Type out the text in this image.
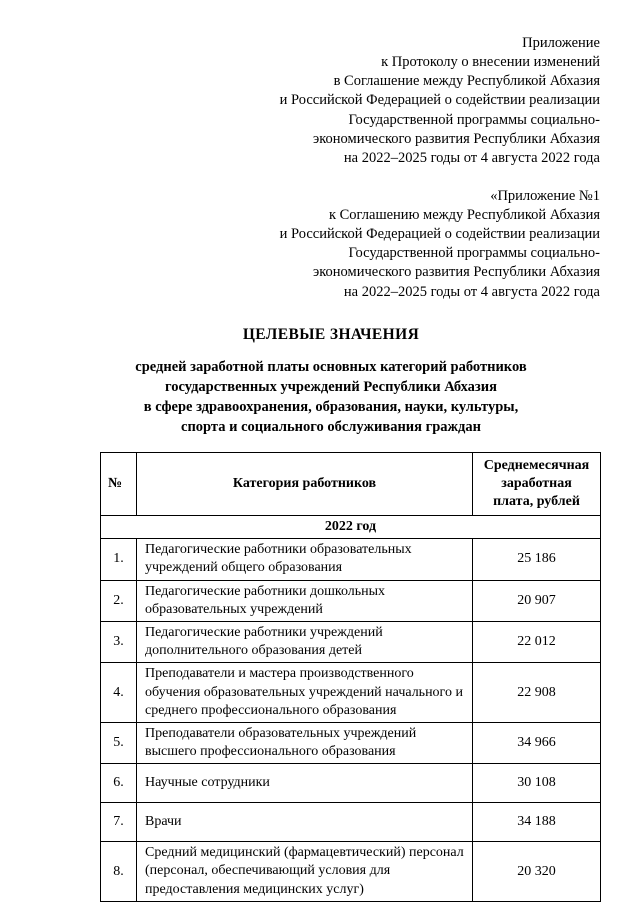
Приложение
к Протоколу о внесении изменений
в Соглашение между Республикой Абхазия
и Российской Федерацией о содействии реализации
Государственной программы социально-
экономического развития Республики Абхазия
на 2022–2025 годы от 4 августа 2022 года
«Приложение №1
к Соглашению между Республикой Абхазия
и Российской Федерацией о содействии реализации
Государственной программы социально-
экономического развития Республики Абхазия
на 2022–2025 годы от 4 августа 2022 года
ЦЕЛЕВЫЕ ЗНАЧЕНИЯ
средней заработной платы основных категорий работников
государственных учреждений Республики Абхазия
в сфере здравоохранения, образования, науки, культуры,
спорта и социального обслуживания граждан
№	Категория работников	Среднемесячная заработная плата, рублей
2022 год		
1.	Педагогические работники образовательных учреждений общего образования	25 186
2.	Педагогические работники дошкольных образовательных учреждений	20 907
3.	Педагогические работники учреждений дополнительного образования детей	22 012
4.	Преподаватели и мастера производственного обучения образовательных учреждений начального и среднего профессионального образования	22 908
5.	Преподаватели образовательных учреждений высшего профессионального образования	34 966
6.	Научные сотрудники	30 108
7.	Врачи	34 188
8.	Средний медицинский (фармацевтический) персонал (персонал, обеспечивающий условия для предоставления медицинских услуг)	20 320
